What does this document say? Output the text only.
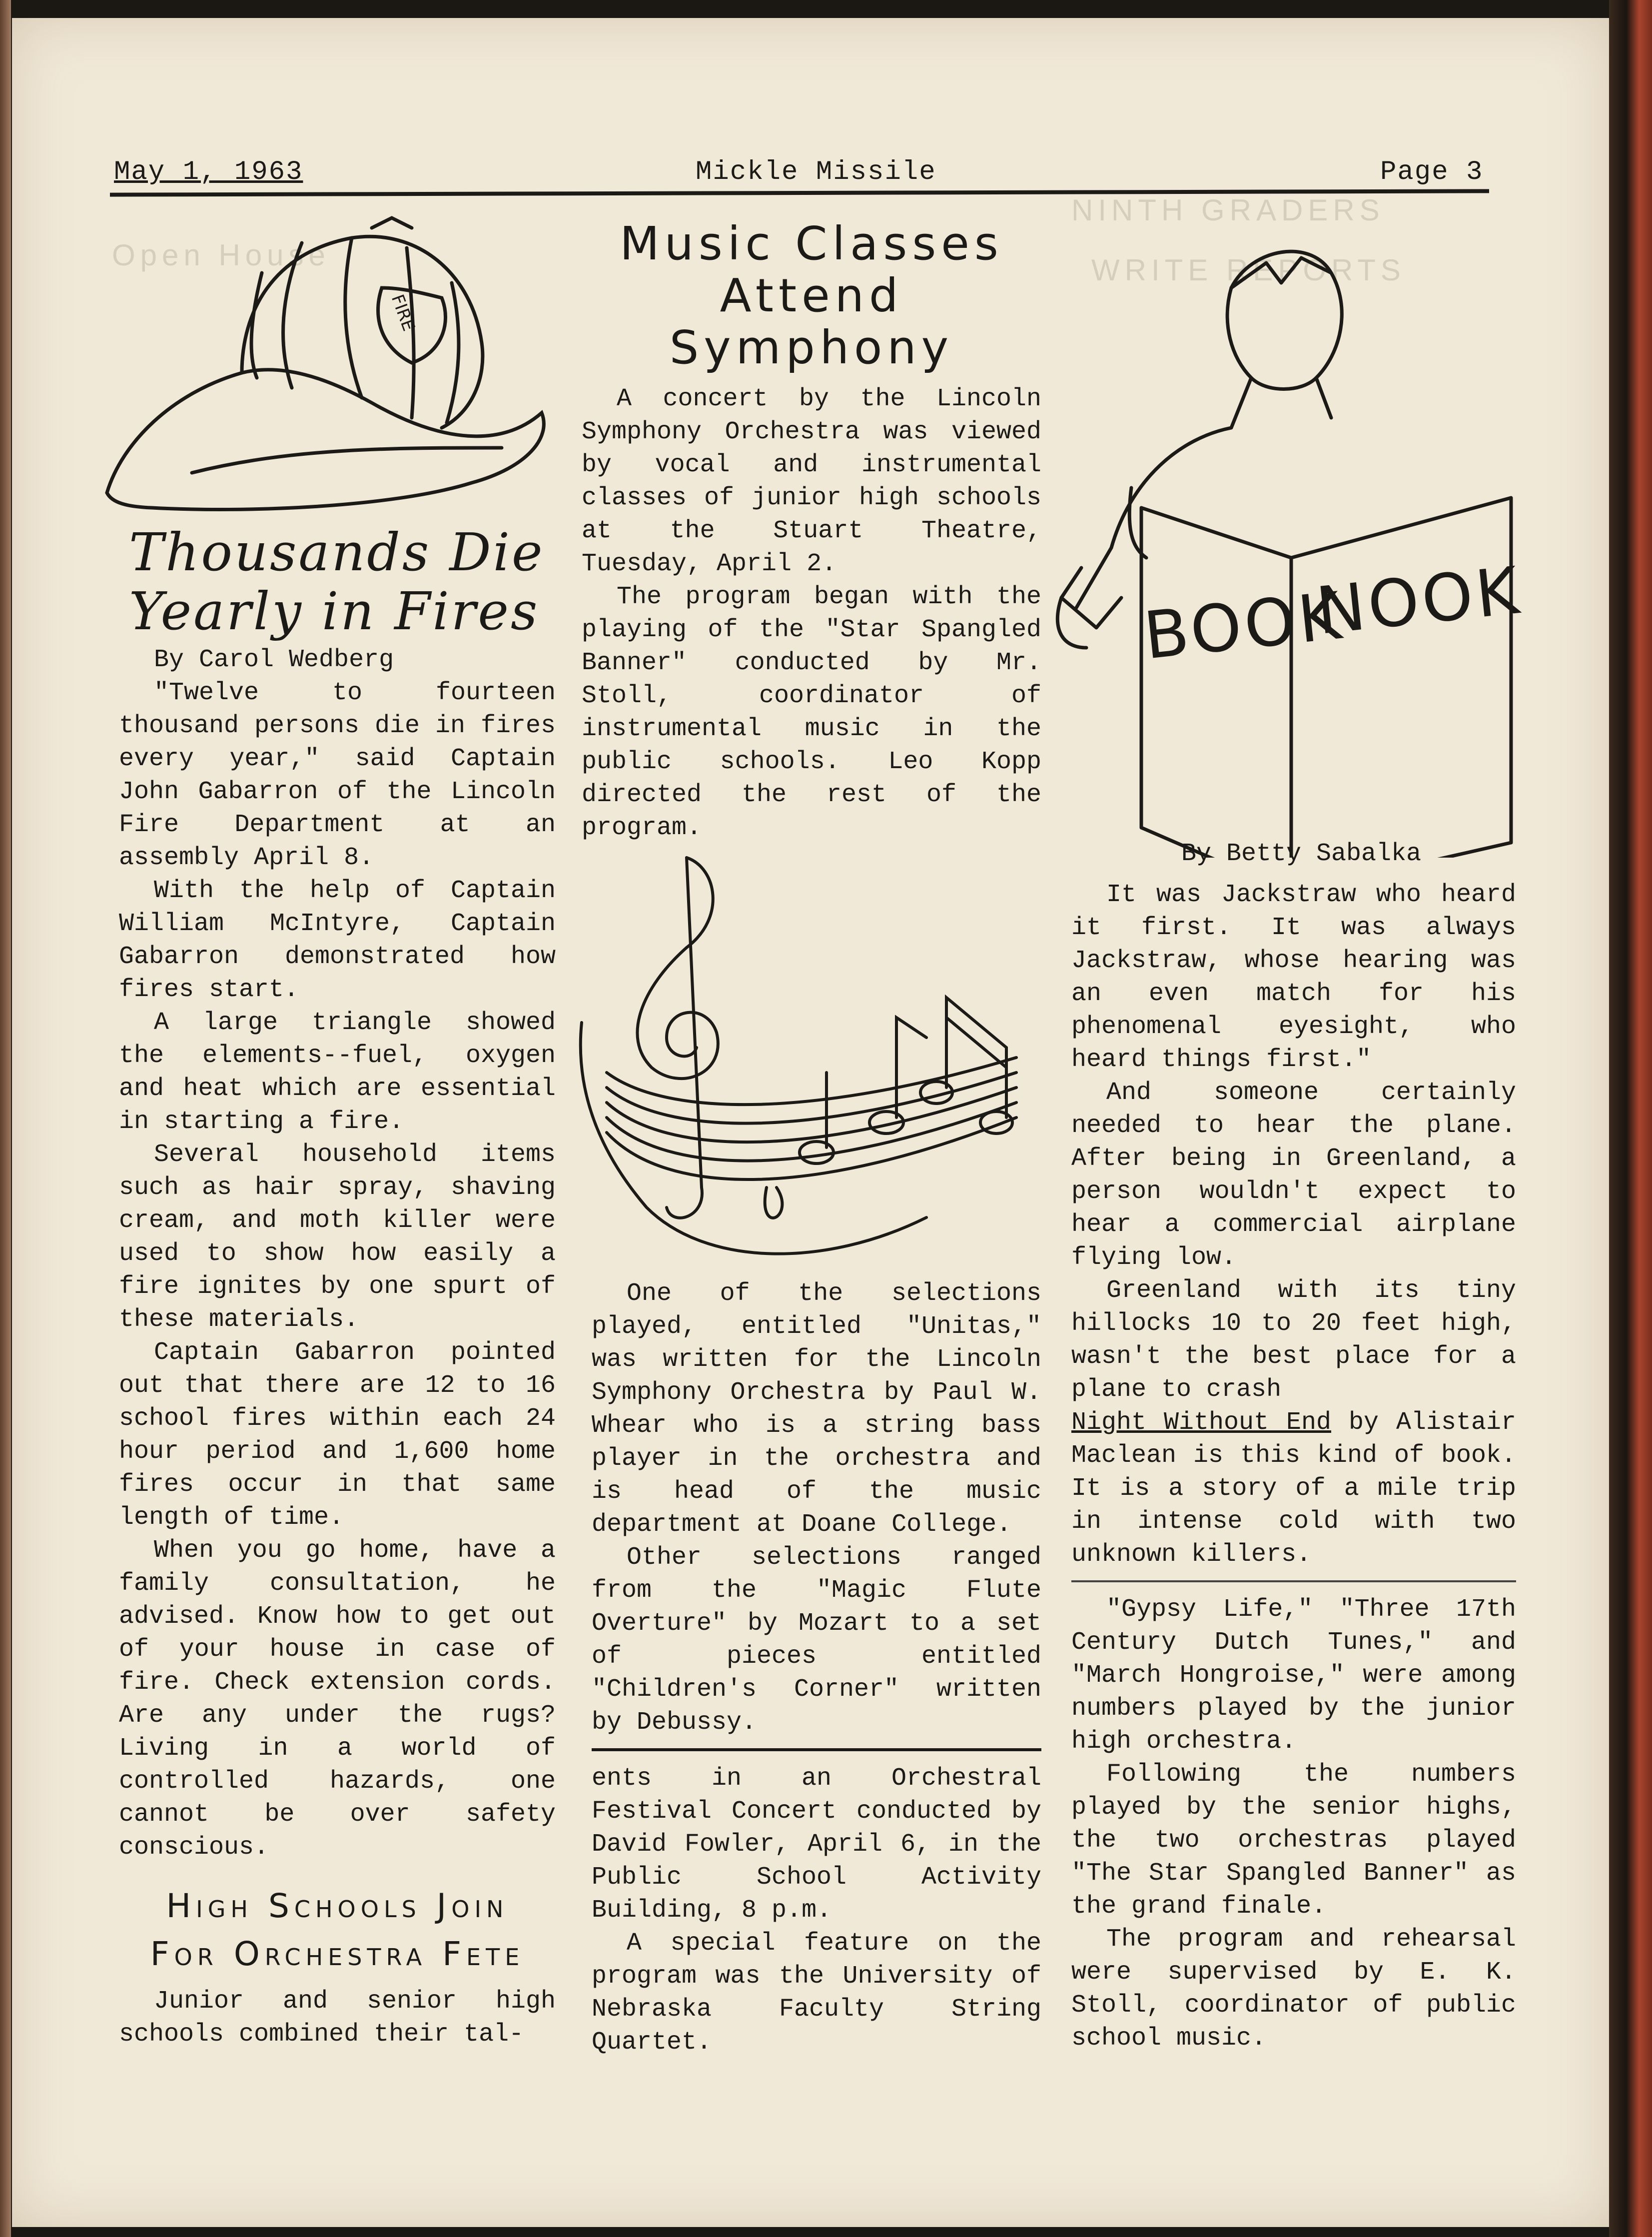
NINTH GRADERS
WRITE REPORTS
Open House
May 1, 1963	Mickle Missile	Page 3
FIRE
Thousands Die
Yearly in Fires

By Carol Wedberg

"Twelve to fourteen thousand persons die in fires every year," said Captain John Gabarron of the Lincoln Fire Department at an assembly April 8.

With the help of Captain William McIntyre, Captain Gabarron demonstrated how fires start.

A large triangle showed the elements--fuel, oxygen and heat which are essential in starting a fire.

Several household items such as hair spray, shaving cream, and moth killer were used to show how easily a fire ignites by one spurt of these materials.

Captain Gabarron pointed out that there are 12 to 16 school fires within each 24 hour period and 1,600 home fires occur in that same length of time.

When you go home, have a family consultation, he advised. Know how to get out of your house in case of fire. Check extension cords. Are any under the rugs? Living in a world of controlled hazards, one cannot be over safety conscious.

High Schools Join
For Orchestra Fete

Junior and senior high schools combined their tal-

Music Classes
Attend Symphony

A concert by the Lincoln Symphony Orchestra was viewed by vocal and instrumental classes of junior high schools at the Stuart Theatre, Tuesday, April 2.

The program began with the playing of the "Star Spangled Banner" conducted by Mr. Stoll, coordinator of instrumental music in the public schools. Leo Kopp directed the rest of the program.

One of the selections played, entitled "Unitas," was written for the Lincoln Symphony Orchestra by Paul W. Whear who is a string bass player in the orchestra and is head of the music department at Doane College.

Other selections ranged from the "Magic Flute Overture" by Mozart to a set of pieces entitled "Children's Corner" written by Debussy.

ents in an Orchestral Festival Concert conducted by David Fowler, April 6, in the Public School Activity Building, 8 p.m.

A special feature on the program was the University of Nebraska Faculty String Quartet.

BOOK
NOOK

By Betty Sabalka

It was Jackstraw who heard it first. It was always Jackstraw, whose hearing was an even match for his phenomenal eyesight, who heard things first."

And someone certainly needed to hear the plane. After being in Greenland, a person wouldn't expect to hear a commercial airplane flying low.

Greenland with its tiny hillocks 10 to 20 feet high, wasn't the best place for a plane to crash

Night Without End by Alistair Maclean is this kind of book. It is a story of a mile trip in intense cold with two unknown killers.

"Gypsy Life," "Three 17th Century Dutch Tunes," and "March Hongroise," were among numbers played by the junior high orchestra.

Following the numbers played by the senior highs, the two orchestras played "The Star Spangled Banner" as the grand finale.

The program and rehearsal were supervised by E. K. Stoll, coordinator of public school music.
